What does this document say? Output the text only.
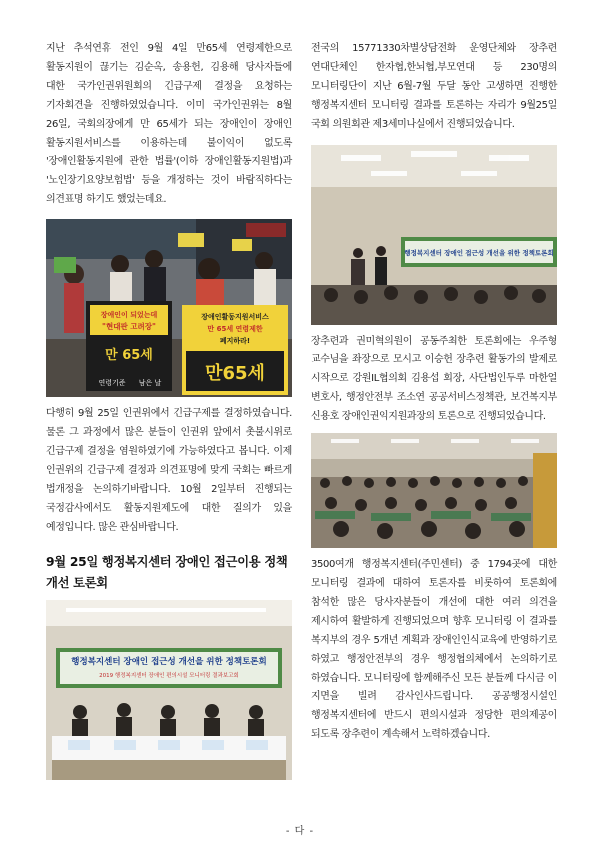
지난 추석연휴 전인 9월 4일 만65세 연령제한으로 활동지원이 끊기는 김순옥, 송용헌, 김용해 당사자들에 대한 국가인권위원회의 긴급구제 결정을 요청하는 기자회견을 진행하였었습니다. 이미 국가인권위는 8월 26일, 국회의장에게 만 65세가 되는 장애인이 장애인 활동지원서비스를 이용하는데 불이익이 없도록 '장애인활동지원에 관한 법률'(이하 장애인활동지원법)과 '노인장기요양보험법' 등을 개정하는 것이 바람직하다는 의견표명 하기도 했었는데요.

장애인이 되었는데
"현대판 고려장"
만 65세
연령기준 남은 날
장애인활동지원서비스
만 65세 연령제한
폐지하라!
만65세

다행히 9월 25일 인권위에서 긴급구제를 결정하였습니다. 물론 그 과정에서 많은 분들이 인권위 앞에서 촛불시위로 긴급구제 결정을 염원하였기에 가능하였다고 봅니다. 이제 인권위의 긴급구제 결정과 의견표명에 맞게 국회는 빠르게 법개정을 논의하기바랍니다. 10월 2일부터 진행되는 국정감사에서도 활동지원제도에 대한 질의가 있을 예정입니다. 많은 관심바랍니다.

9월 25일 행정복지센터 장애인 접근이용 정책개선 토론회
행정복지센터 장애인 접근성 개선을 위한 정책토론회
2019 행정복지센터 장애인 편의시설 모니터링 결과보고회

전국의 15771330차별상담전화 운영단체와 장추련 연대단체인 한자협,한뇌협,부모연대 등 230명의 모니터링단이 지난 6월-7월 두달 동안 고생하면 진행한 행정복지센터 모니터링 결과를 토론하는 자리가 9월25일 국회 의원회관 제3세미나실에서 진행되었습니다.

행정복지센터 장애인 접근성 개선을 위한 정책토론회

장추련과 권미혁의원이 공동주최한 토론회에는 우주형 교수님을 좌장으로 모시고 이승헌 장추련 활동가의 발제로 시작으로 강원IL협의회 김용섭 회장, 사단법인두루 마한얼 변호사, 행정안전부 조소연 공공서비스정책관, 보건복지부 신용호 장애인권익지원과장의 토론으로 진행되었습니다.

3500여개 행정복지센터(주민센터) 중 1794곳에 대한 모니터링 결과에 대하여 토론자를 비롯하여 토론회에 참석한 많은 당사자분들이 개선에 대한 여러 의견을 제시하여 활발하게 진행되었으며 향후 모니터링 이 결과를 복지부의 경우 5개년 계획과 장애인인식교육에 반영하기로 하였고 행정안전부의 경우 행정협의체에서 논의하기로 하였습니다. 모니터링에 함께해주신 모든 분들께 다시금 이 지면을 빌려 감사인사드립니다. 공공행정시설인 행정복지센터에 반드시 편의시설과 정당한 편의제공이 되도록 장추련이 계속해서 노력하겠습니다.

- 다 -
